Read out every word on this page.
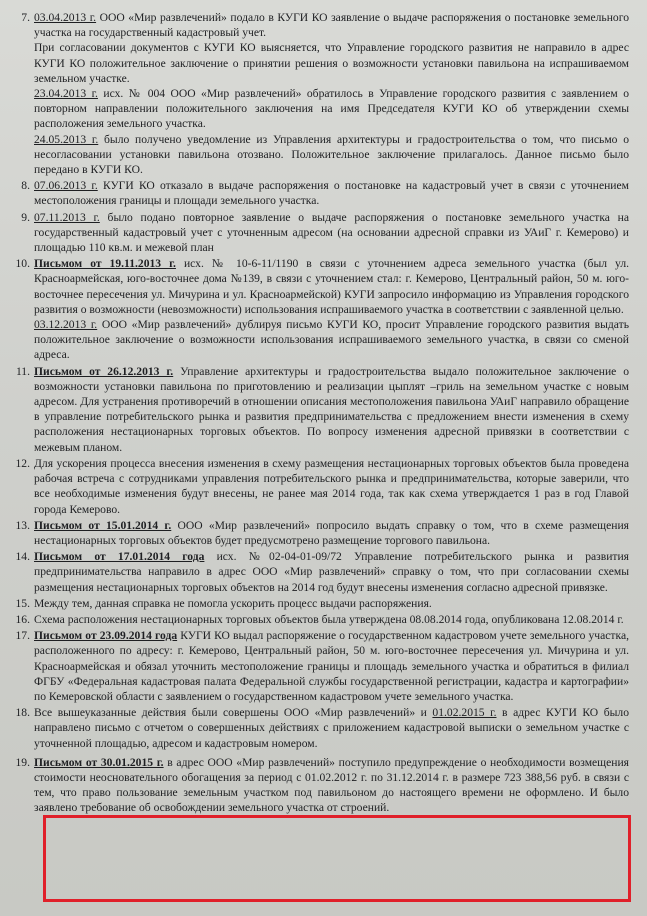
7. 03.04.2013 г. ООО «Мир развлечений» подало в КУГИ КО заявление о выдаче распоряжения о постановке земельного участка на государственный кадастровый учет.
При согласовании документов с КУГИ КО выясняется, что Управление городского развития не направило в адрес КУГИ КО положительное заключение о принятии решения о возможности установки павильона на испрашиваемом земельном участке.
23.04.2013 г. исх. № 004 ООО «Мир развлечений» обратилось в Управление городского развития с заявлением о повторном направлении положительного заключения на имя Председателя КУГИ КО об утверждении схемы расположения земельного участка.
24.05.2013 г. было получено уведомление из Управления архитектуры и градостроительства о том, что письмо о несогласовании установки павильона отозвано. Положительное заключение прилагалось. Данное письмо было передано в КУГИ КО.
8. 07.06.2013 г. КУГИ КО отказало в выдаче распоряжения о постановке на кадастровый учет в связи с уточнением местоположения границы и площади земельного участка.
9. 07.11.2013 г. было подано повторное заявление о выдаче распоряжения о постановке земельного участка на государственный кадастровый учет с уточненным адресом (на основании адресной справки из УАиГ г. Кемерово) и площадью 110 кв.м. и межевой план
10. Письмом от 19.11.2013 г. исх. № 10-6-11/1190 в связи с уточнением адреса земельного участка (был ул. Красноармейская, юго-восточнее дома №139, в связи с уточнением стал: г. Кемерово, Центральный район, 50 м. юго-восточнее пересечения ул. Мичурина и ул. Красноармейской) КУГИ запросило информацию из Управления городского развития о возможности (невозможности) использования испрашиваемого участка в соответствии с заявленной целью.
03.12.2013 г. ООО «Мир развлечений» дублируя письмо КУГИ КО, просит Управление городского развития выдать положительное заключение о возможности использования испрашиваемого земельного участка, в связи со сменой адреса.
11. Письмом от 26.12.2013 г. Управление архитектуры и градостроительства выдало положительное заключение о возможности установки павильона по приготовлению и реализации цыплят –гриль на земельном участке с новым адресом. Для устранения противоречий в отношении описания местоположения павильона УАиГ направило обращение в управление потребительского рынка и развития предпринимательства с предложением внести изменения в схему расположения нестационарных торговых объектов. По вопросу изменения адресной привязки в соответствии с межевым планом.
12. Для ускорения процесса внесения изменения в схему размещения нестационарных торговых объектов была проведена рабочая встреча с сотрудниками управления потребительского рынка и предпринимательства, которые заверили, что все необходимые изменения будут внесены, не ранее мая 2014 года, так как схема утверждается 1 раз в год Главой города Кемерово.
13. Письмом от 15.01.2014 г. ООО «Мир развлечений» попросило выдать справку о том, что в схеме размещения нестационарных торговых объектов будет предусмотрено размещение торгового павильона.
14. Письмом от 17.01.2014 года исх. №02-04-01-09/72 Управление потребительского рынка и развития предпринимательства направило в адрес ООО «Мир развлечений» справку о том, что при согласовании схемы размещения нестационарных торговых объектов на 2014 год будут внесены изменения согласно адресной привязке.
15. Между тем, данная справка не помогла ускорить процесс выдачи распоряжения.
16. Схема расположения нестационарных торговых объектов была утверждена 08.08.2014 года, опубликована 12.08.2014 г.
17. Письмом от 23.09.2014 года КУГИ КО выдал распоряжение о государственном кадастровом учете земельного участка, расположенного по адресу: г. Кемерово, Центральный район, 50 м. юго-восточнее пересечения ул. Мичурина и ул. Красноармейская и обязал уточнить местоположение границы и площадь земельного участка и обратиться в филиал ФГБУ «Федеральная кадастровая палата Федеральной службы государственной регистрации, кадастра и картографии» по Кемеровской области с заявлением о государственном кадастровом учете земельного участка.
18. Все вышеуказанные действия были совершены ООО «Мир развлечений» и 01.02.2015 г. в адрес КУГИ КО было направлено письмо с отчетом о совершенных действиях с приложением кадастровой выписки о земельном участке с уточненной площадью, адресом и кадастровым номером.
19. Письмом от 30.01.2015 г. в адрес ООО «Мир развлечений» поступило предупреждение о необходимости возмещения стоимости неосновательного обогащения за период с 01.02.2012 г. по 31.12.2014 г. в размере 723 388,56 руб. в связи с тем, что право пользование земельным участком под павильоном до настоящего времени не оформлено. И было заявлено требование об освобождении земельного участка от строений.
